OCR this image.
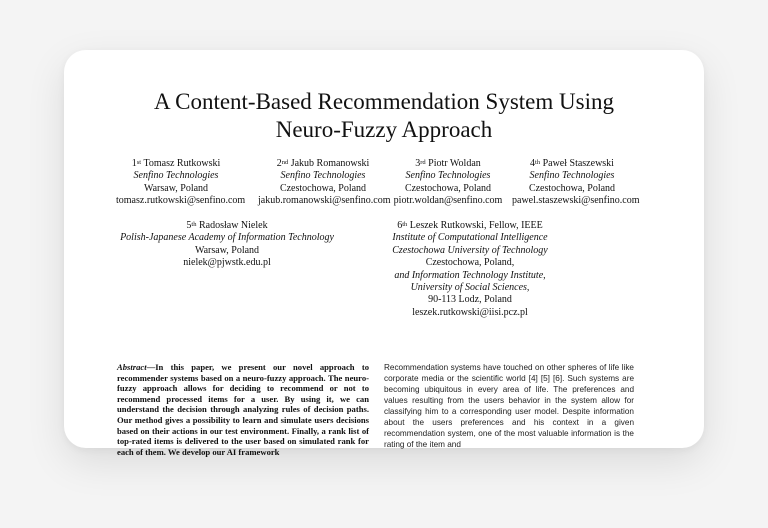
A Content-Based Recommendation System Using
Neuro-Fuzzy Approach
1st Tomasz Rutkowski
Senfino Technologies
Warsaw, Poland
tomasz.rutkowski@senfino.com
2nd Jakub Romanowski
Senfino Technologies
Czestochowa, Poland
jakub.romanowski@senfino.com
3rd Piotr Woldan
Senfino Technologies
Czestochowa, Poland
piotr.woldan@senfino.com
4th Paweł Staszewski
Senfino Technologies
Czestochowa, Poland
pawel.staszewski@senfino.com
5th Radosław Nielek
Polish-Japanese Academy of Information Technology
Warsaw, Poland
nielek@pjwstk.edu.pl
6th Leszek Rutkowski, Fellow, IEEE
Institute of Computational Intelligence
Czestochowa University of Technology
Czestochowa, Poland,
and Information Technology Institute,
University of Social Sciences,
90-113 Lodz, Poland
leszek.rutkowski@iisi.pcz.pl
Abstract—In this paper, we present our novel approach to recommender systems based on a neuro-fuzzy approach. The neuro-fuzzy approach allows for deciding to recommend or not to recommend processed items for a user. By using it, we can understand the decision through analyzing rules of decision paths. Our method gives a possibility to learn and simulate users decisions based on their actions in our test environment. Finally, a rank list of top-rated items is delivered to the user based on simulated rank for each of them. We develop our AI framework
Recommendation systems have touched on other spheres of life like corporate media or the scientific world [4] [5] [6]. Such systems are becoming ubiquitous in every area of life. The preferences and values resulting from the users behavior in the system allow for classifying him to a corresponding user model. Despite information about the users preferences and his context in a given recommendation system, one of the most valuable information is the rating of the item and
